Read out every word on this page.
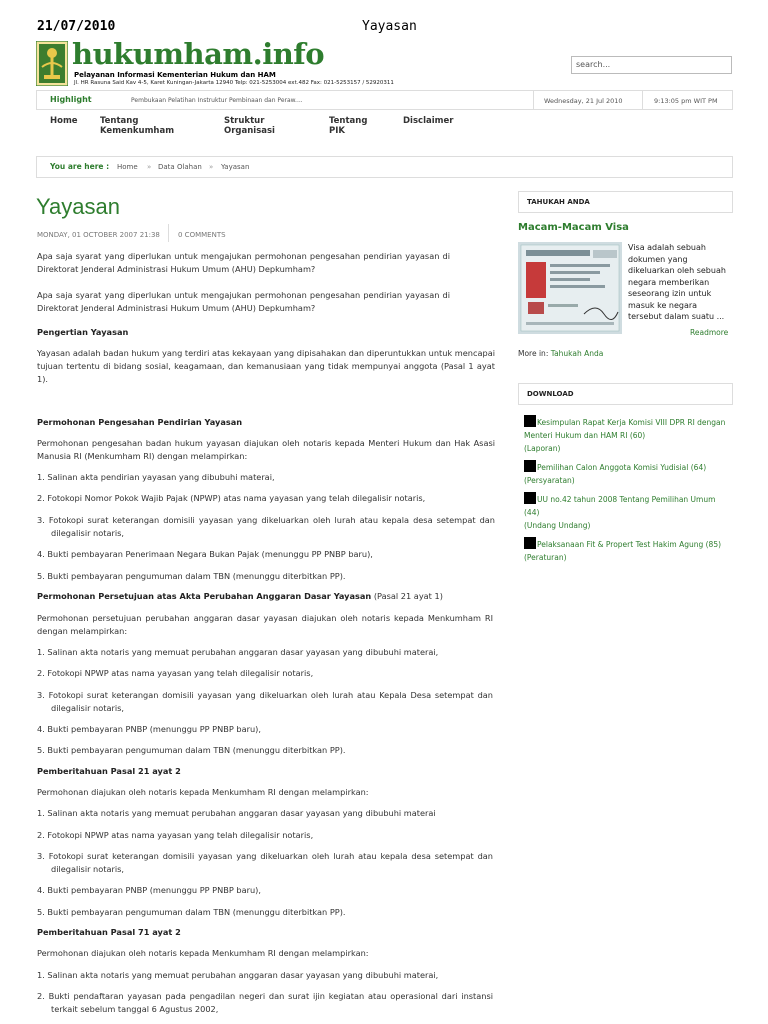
21/07/2010	Yayasan
hukumham.info
Pelayanan Informasi Kementerian Hukum dan HAM
Jl. HR Rasuna Said Kav 4-5, Karet Kuningan-Jakarta 12940 Telp: 021-5253004 ext.482 Fax: 021-5253157 / 52920311
search...
Highlight	Pembukaan Pelatihan Instruktur Pembinaan dan Peraw....	Wednesday, 21 Jul 2010	9:13:05 pm WIT PM
Home	Tentang Kemenkumham
Struktur Organisasi
Tentang PIK
Disclaimer
You are here : Home » Data Olahan » Yayasan
Yayasan
MONDAY, 01 OCTOBER 2007 21:38	0 COMMENTS
Apa saja syarat yang diperlukan untuk mengajukan permohonan pengesahan pendirian yayasan di Direktorat Jenderal Administrasi Hukum Umum (AHU) Depkumham?
Apa saja syarat yang diperlukan untuk mengajukan permohonan pengesahan pendirian yayasan di Direktorat Jenderal Administrasi Hukum Umum (AHU) Depkumham?
Pengertian Yayasan
Yayasan adalah badan hukum yang terdiri atas kekayaan yang dipisahakan dan diperuntukkan untuk mencapai tujuan tertentu di bidang sosial, keagamaan, dan kemanusiaan yang tidak mempunyai anggota (Pasal 1 ayat 1).
Permohonan Pengesahan Pendirian Yayasan
Permohonan pengesahan badan hukum yayasan diajukan oleh notaris kepada Menteri Hukum dan Hak Asasi Manusia RI (Menkumham RI) dengan melampirkan:
1. Salinan akta pendirian yayasan yang dibubuhi materai,
2. Fotokopi Nomor Pokok Wajib Pajak (NPWP) atas nama yayasan yang telah dilegalisir notaris,
3. Fotokopi surat keterangan domisili yayasan yang dikeluarkan oleh lurah atau kepala desa setempat dan dilegalisir notaris,
4. Bukti pembayaran Penerimaan Negara Bukan Pajak (menunggu PP PNBP baru),
5. Bukti pembayaran pengumuman dalam TBN (menunggu diterbitkan PP).
Permohonan Persetujuan atas Akta Perubahan Anggaran Dasar Yayasan (Pasal 21 ayat 1)
Permohonan persetujuan perubahan anggaran dasar yayasan diajukan oleh notaris kepada Menkumham RI dengan melampirkan:
1. Salinan akta notaris yang memuat perubahan anggaran dasar yayasan yang dibubuhi materai,
2. Fotokopi NPWP atas nama yayasan yang telah dilegalisir notaris,
3. Fotokopi surat keterangan domisili yayasan yang dikeluarkan oleh lurah atau Kepala Desa setempat dan dilegalisir notaris,
4. Bukti pembayaran PNBP (menunggu PP PNBP baru),
5. Bukti pembayaran pengumuman dalam TBN (menunggu diterbitkan PP).
Pemberitahuan Pasal 21 ayat 2
Permohonan diajukan oleh notaris kepada Menkumham RI dengan melampirkan:
1. Salinan akta notaris yang memuat perubahan anggaran dasar yayasan yang dibubuhi materai
2. Fotokopi NPWP atas nama yayasan yang telah dilegalisir notaris,
3. Fotokopi surat keterangan domisili yayasan yang dikeluarkan oleh lurah atau kepala desa setempat dan dilegalisir notaris,
4. Bukti pembayaran PNBP (menunggu PP PNBP baru),
5. Bukti pembayaran pengumuman dalam TBN (menunggu diterbitkan PP).
Pemberitahuan Pasal 71 ayat 2
Permohonan diajukan oleh notaris kepada Menkumham RI dengan melampirkan:
1. Salinan akta notaris yang memuat perubahan anggaran dasar yayasan yang dibubuhi materai,
2. Bukti pendaftaran yayasan pada pengadilan negeri dan surat ijin kegiatan atau operasional dari instansi terkait sebelum tanggal 6 Agustus 2002,
TAHUKAH ANDA
Macam-Macam Visa
Visa adalah sebuah dokumen yang dikeluarkan oleh sebuah negara memberikan seseorang izin untuk masuk ke negara tersebut dalam suatu ...
Readmore
More in: Tahukah Anda
DOWNLOAD
Kesimpulan Rapat Kerja Komisi VIII DPR RI dengan Menteri Hukum dan HAM RI (60)
(Laporan)
Pemilihan Calon Anggota Komisi Yudisial (64)
(Persyaratan)
UU no.42 tahun 2008 Tentang Pemilihan Umum (44)
(Undang Undang)
Pelaksanaan Fit & Propert Test Hakim Agung (85)
(Peraturan)
